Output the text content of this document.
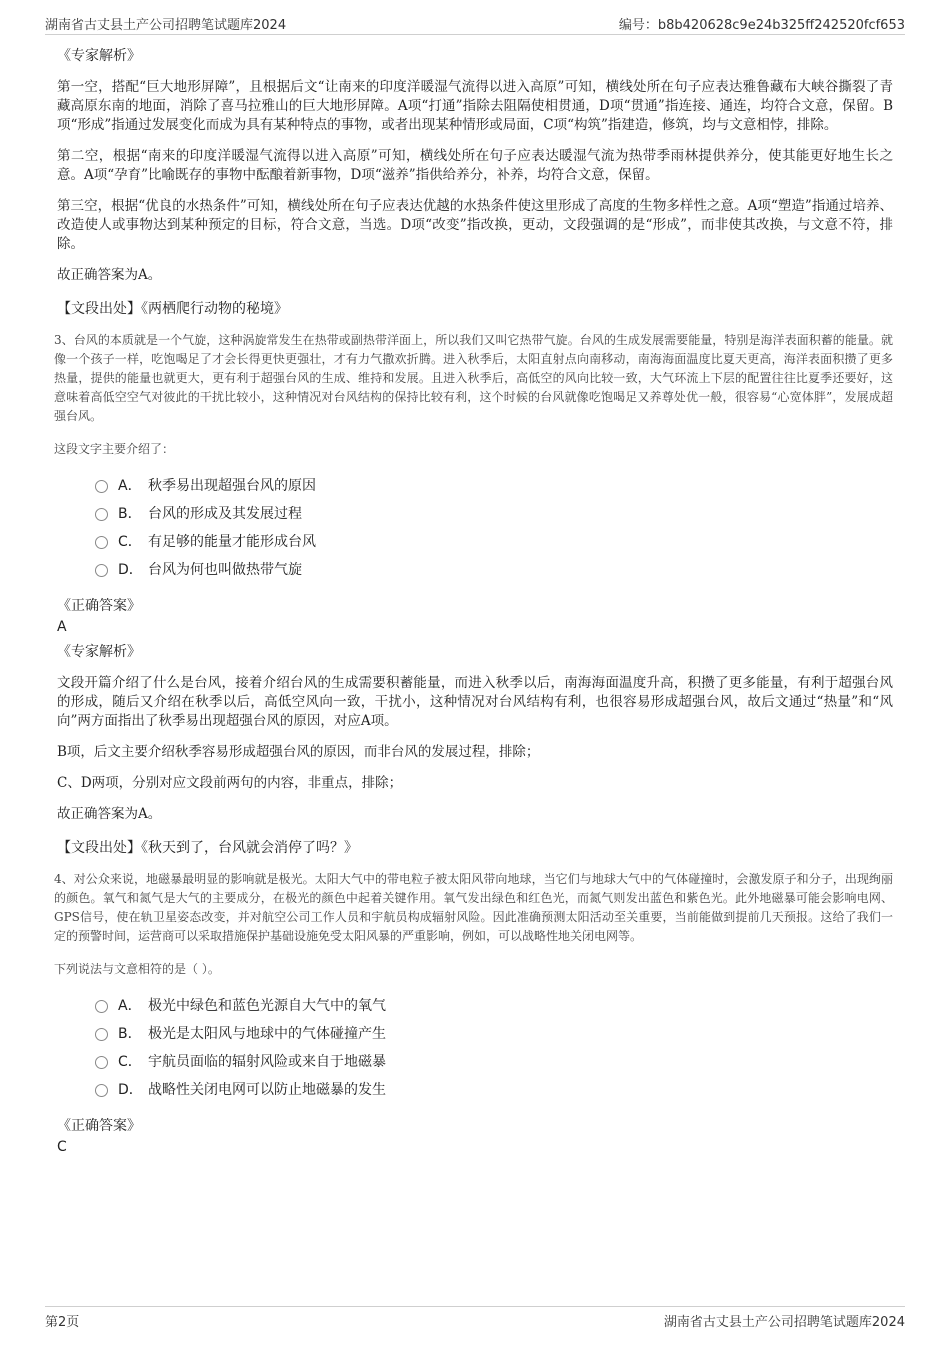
湖南省古丈县土产公司招聘笔试题库2024	编号：b8b420628c9e24b325ff242520fcf653
《专家解析》
第一空，搭配“巨大地形屏障”，且根据后文“让南来的印度洋暖湿气流得以进入高原”可知，横线处所在句子应表达雅鲁藏布大峡谷撕裂了青藏高原东南的地面，消除了喜马拉雅山的巨大地形屏障。A项“打通”指除去阻隔使相贯通，D项“贯通”指连接、通连，均符合文意，保留。B项“形成”指通过发展变化而成为具有某种特点的事物，或者出现某种情形或局面，C项“构筑”指建造，修筑，均与文意相悖，排除。
第二空，根据“南来的印度洋暖湿气流得以进入高原”可知，横线处所在句子应表达暖湿气流为热带季雨林提供养分，使其能更好地生长之意。A项“孕育”比喻既存的事物中酝酿着新事物，D项“滋养”指供给养分，补养，均符合文意，保留。
第三空，根据“优良的水热条件”可知，横线处所在句子应表达优越的水热条件使这里形成了高度的生物多样性之意。A项“塑造”指通过培养、改造使人或事物达到某种预定的目标，符合文意，当选。D项“改变”指改换，更动，文段强调的是“形成”，而非使其改换，与文意不符，排除。
故正确答案为A。
【文段出处】《两栖爬行动物的秘境》
3、台风的本质就是一个气旋，这种涡旋常发生在热带或副热带洋面上，所以我们又叫它热带气旋。台风的生成发展需要能量，特别是海洋表面积蓄的能量。就像一个孩子一样，吃饱喝足了才会长得更快更强壮，才有力气撒欢折腾。进入秋季后，太阳直射点向南移动，南海海面温度比夏天更高，海洋表面积攒了更多热量，提供的能量也就更大，更有利于超强台风的生成、维持和发展。且进入秋季后，高低空的风向比较一致，大气环流上下层的配置往往比夏季还要好，这意味着高低空空气对彼此的干扰比较小，这种情况对台风结构的保持比较有利，这个时候的台风就像吃饱喝足又养尊处优一般，很容易“心宽体胖”，发展成超强台风。
这段文字主要介绍了：
A． 秋季易出现超强台风的原因
B． 台风的形成及其发展过程
C． 有足够的能量才能形成台风
D． 台风为何也叫做热带气旋
《正确答案》
A
《专家解析》
文段开篇介绍了什么是台风，接着介绍台风的生成需要积蓄能量，而进入秋季以后，南海海面温度升高，积攒了更多能量，有利于超强台风的形成，随后又介绍在秋季以后，高低空风向一致，干扰小，这种情况对台风结构有利，也很容易形成超强台风，故后文通过“热量”和“风向”两方面指出了秋季易出现超强台风的原因，对应A项。
B项，后文主要介绍秋季容易形成超强台风的原因，而非台风的发展过程，排除；
C、D两项，分别对应文段前两句的内容，非重点，排除；
故正确答案为A。
【文段出处】《秋天到了，台风就会消停了吗？》
4、对公众来说，地磁暴最明显的影响就是极光。太阳大气中的带电粒子被太阳风带向地球，当它们与地球大气中的气体碰撞时，会激发原子和分子，出现绚丽的颜色。氧气和氮气是大气的主要成分，在极光的颜色中起着关键作用。氧气发出绿色和红色光，而氮气则发出蓝色和紫色光。此外地磁暴可能会影响电网、GPS信号，使在轨卫星姿态改变，并对航空公司工作人员和宇航员构成辐射风险。因此准确预测太阳活动至关重要，当前能做到提前几天预报。这给了我们一定的预警时间，运营商可以采取措施保护基础设施免受太阳风暴的严重影响，例如，可以战略性地关闭电网等。
下列说法与文意相符的是（ ）。
A． 极光中绿色和蓝色光源自大气中的氧气
B． 极光是太阳风与地球中的气体碰撞产生
C． 宇航员面临的辐射风险或来自于地磁暴
D． 战略性关闭电网可以防止地磁暴的发生
《正确答案》
C
第2页	湖南省古丈县土产公司招聘笔试题库2024
